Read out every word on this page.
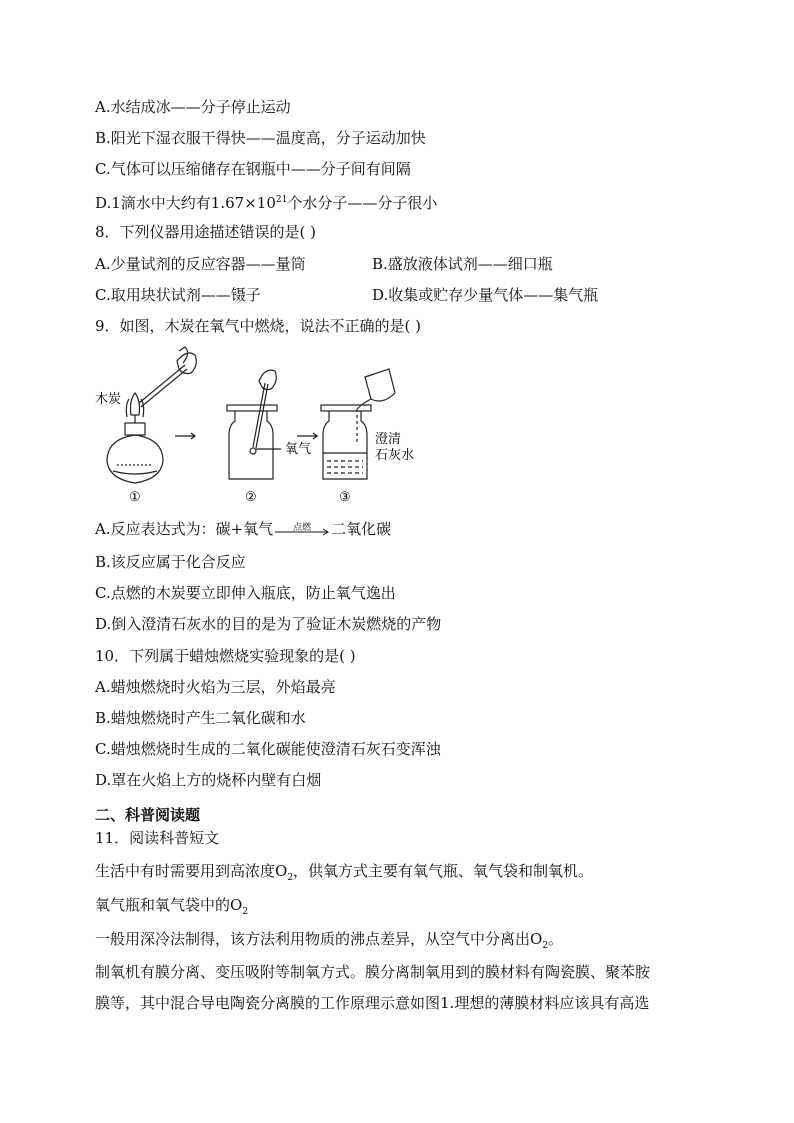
A.水结成冰——分子停止运动
B.阳光下湿衣服干得快——温度高，分子运动加快
C.气体可以压缩储存在钢瓶中——分子间有间隔
D.1滴水中大约有$1.67\times 10^{21}$个水分子——分子很小
8．下列仪器用途描述错误的是( )
A.少量试剂的反应容器——量筒	B.盛放液体试剂——细口瓶
C.取用块状试剂——镊子	D.收集或贮存少量气体——集气瓶
9．如图，木炭在氧气中燃烧，说法不正确的是( )
木炭
氧气
澄清
石灰水
①	②	③
A.反应表达式为：碳+氧气	点燃	二氧化碳
B.该反应属于化合反应
C.点燃的木炭要立即伸入瓶底，防止氧气逸出
D.倒入澄清石灰水的目的是为了验证木炭燃烧的产物
10．下列属于蜡烛燃烧实验现象的是( )
A.蜡烛燃烧时火焰为三层，外焰最亮
B.蜡烛燃烧时产生二氧化碳和水
C.蜡烛燃烧时生成的二氧化碳能使澄清石灰石变浑浊
D.罩在火焰上方的烧杯内壁有白烟
二、科普阅读题
11．阅读科普短文
生活中有时需要用到高浓度$O_2$，供氧方式主要有氧气瓶、氧气袋和制氧机。
氧气瓶和氧气袋中的$O_2$
一般用深冷法制得，该方法利用物质的沸点差异，从空气中分离出$O_2$。
制氧机有膜分离、变压吸附等制氧方式。膜分离制氧用到的膜材料有陶瓷膜、聚苯胺
膜等，其中混合导电陶瓷分离膜的工作原理示意如图1.理想的薄膜材料应该具有高选
